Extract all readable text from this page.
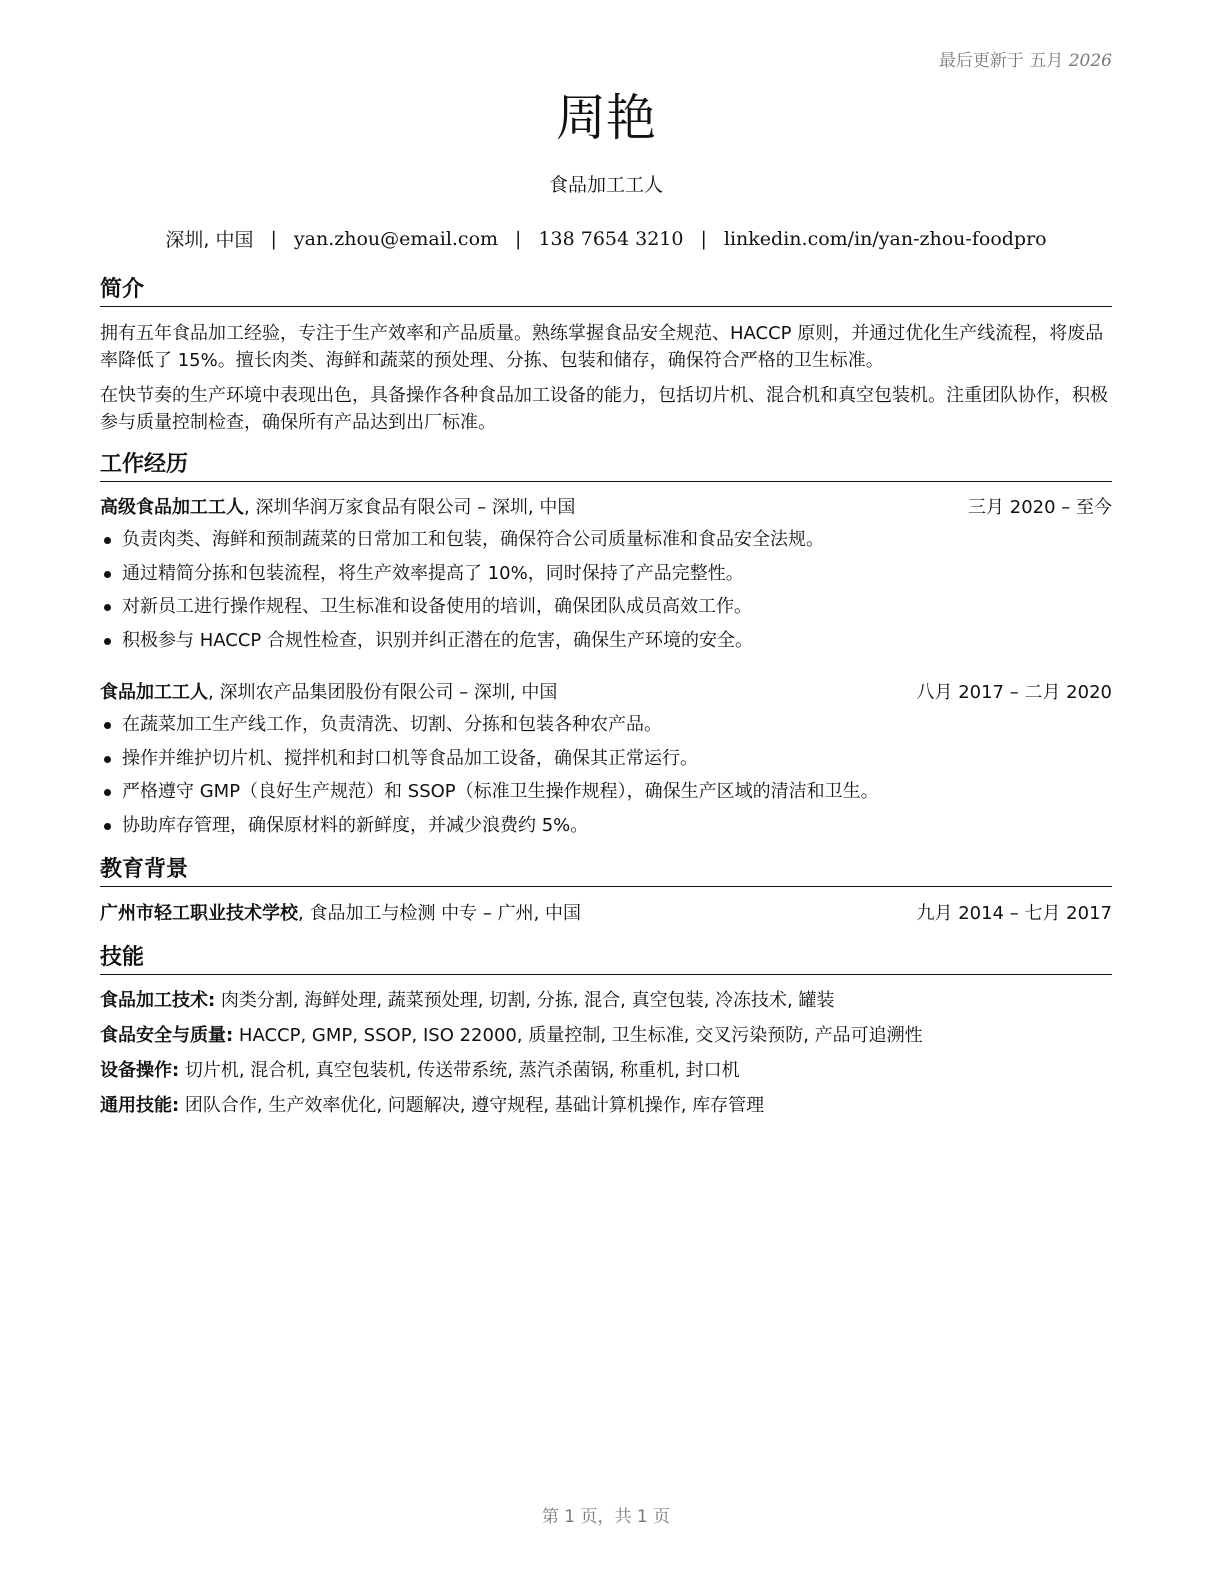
最后更新于 五月 2026
周艳
食品加工工人
深圳, 中国 | yan.zhou@email.com | 138 7654 3210 | linkedin.com/in/yan-zhou-foodpro
简介
拥有五年食品加工经验，专注于生产效率和产品质量。熟练掌握食品安全规范、HACCP 原则，并通过优化生产线流程，将废品率降低了 15%。擅长肉类、海鲜和蔬菜的预处理、分拣、包装和储存，确保符合严格的卫生标准。
在快节奏的生产环境中表现出色，具备操作各种食品加工设备的能力，包括切片机、混合机和真空包装机。注重团队协作，积极参与质量控制检查，确保所有产品达到出厂标准。
工作经历
高级食品加工工人, 深圳华润万家食品有限公司 – 深圳, 中国	三月 2020 – 至今
负责肉类、海鲜和预制蔬菜的日常加工和包装，确保符合公司质量标准和食品安全法规。
通过精简分拣和包装流程，将生产效率提高了 10%，同时保持了产品完整性。
对新员工进行操作规程、卫生标准和设备使用的培训，确保团队成员高效工作。
积极参与 HACCP 合规性检查，识别并纠正潜在的危害，确保生产环境的安全。
食品加工工人, 深圳农产品集团股份有限公司 – 深圳, 中国	八月 2017 – 二月 2020
在蔬菜加工生产线工作，负责清洗、切割、分拣和包装各种农产品。
操作并维护切片机、搅拌机和封口机等食品加工设备，确保其正常运行。
严格遵守 GMP（良好生产规范）和 SSOP（标准卫生操作规程），确保生产区域的清洁和卫生。
协助库存管理，确保原材料的新鲜度，并减少浪费约 5%。
教育背景
广州市轻工职业技术学校, 食品加工与检测 中专 – 广州, 中国	九月 2014 – 七月 2017
技能
食品加工技术: 肉类分割, 海鲜处理, 蔬菜预处理, 切割, 分拣, 混合, 真空包装, 冷冻技术, 罐装
食品安全与质量: HACCP, GMP, SSOP, ISO 22000, 质量控制, 卫生标准, 交叉污染预防, 产品可追溯性
设备操作: 切片机, 混合机, 真空包装机, 传送带系统, 蒸汽杀菌锅, 称重机, 封口机
通用技能: 团队合作, 生产效率优化, 问题解决, 遵守规程, 基础计算机操作, 库存管理
第 1 页，共 1 页
